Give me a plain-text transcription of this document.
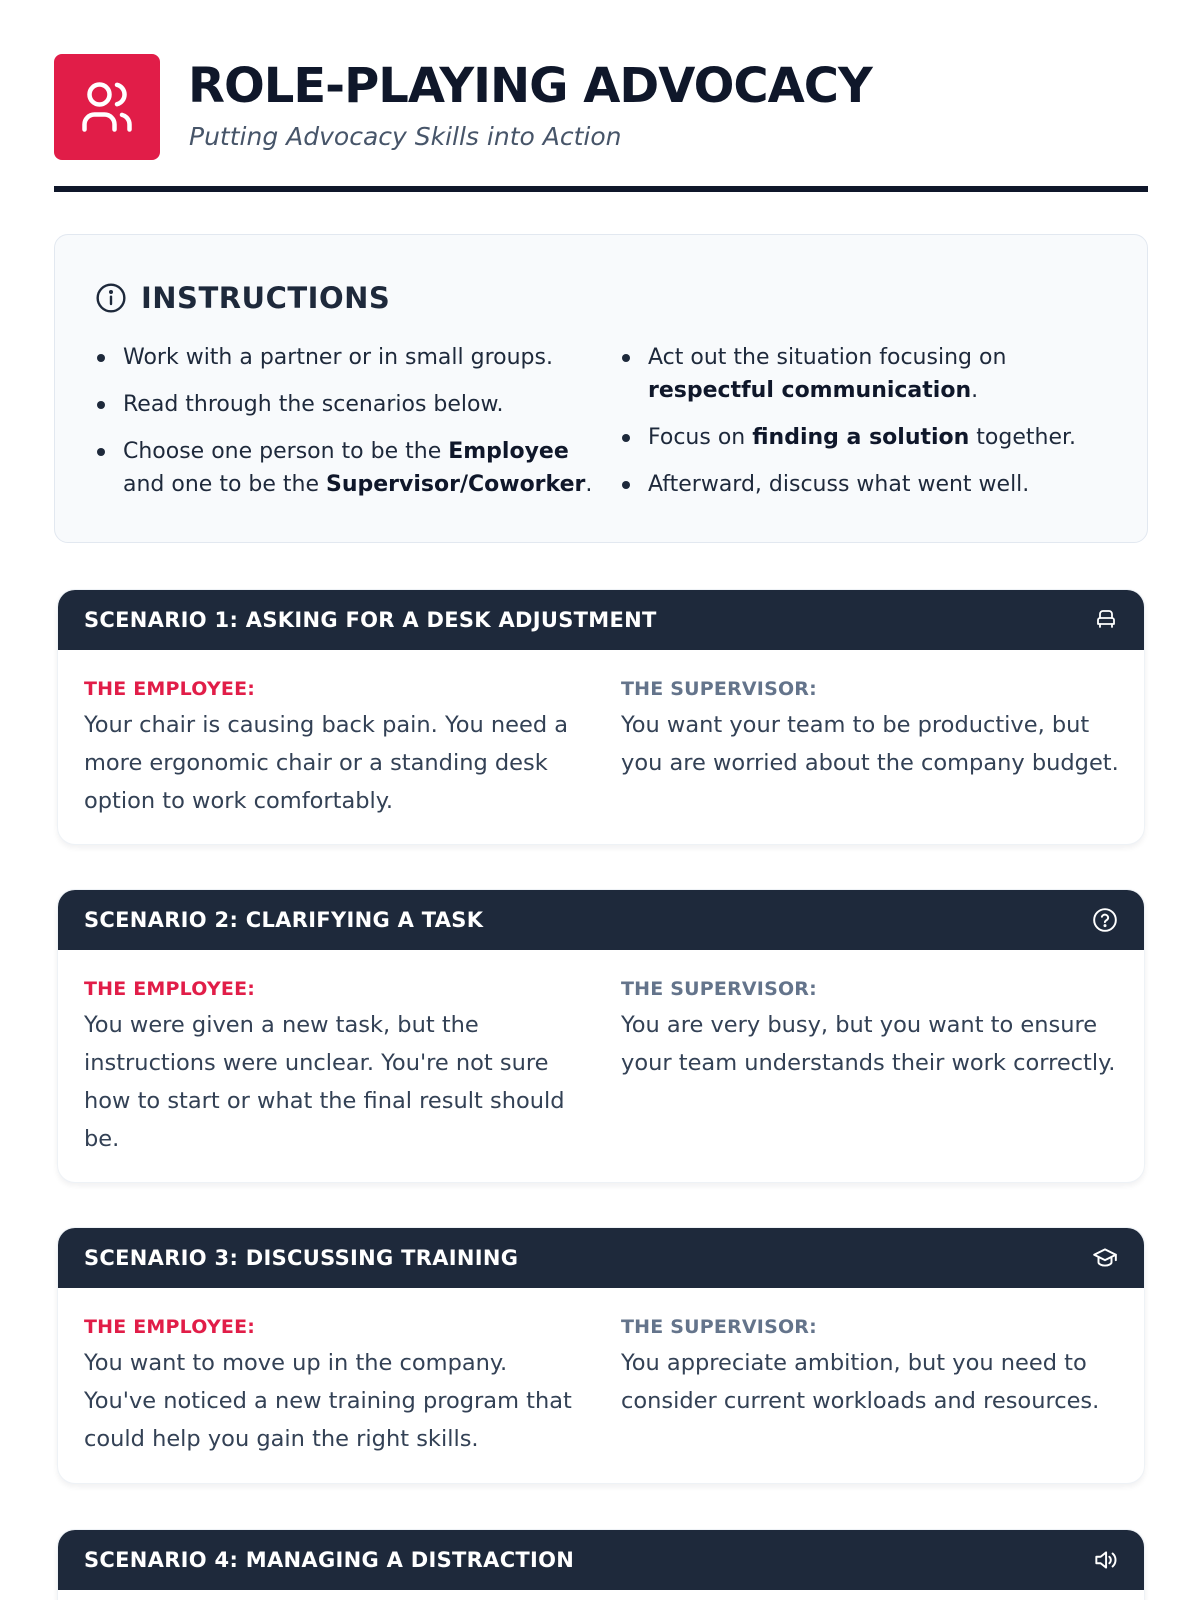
ROLE-PLAYING ADVOCACY
Putting Advocacy Skills into Action
INSTRUCTIONS
Work with a partner or in small groups.
Read through the scenarios below.
Choose one person to be the Employee and one to be the Supervisor/Coworker.
Act out the situation focusing on respectful communication.
Focus on finding a solution together.
Afterward, discuss what went well.
SCENARIO 1: ASKING FOR A DESK ADJUSTMENT
THE EMPLOYEE:
Your chair is causing back pain. You need a more ergonomic chair or a standing desk option to work comfortably.
THE SUPERVISOR:
You want your team to be productive, but you are worried about the company budget.
SCENARIO 2: CLARIFYING A TASK
THE EMPLOYEE:
You were given a new task, but the instructions were unclear. You're not sure how to start or what the final result should be.
THE SUPERVISOR:
You are very busy, but you want to ensure your team understands their work correctly.
SCENARIO 3: DISCUSSING TRAINING
THE EMPLOYEE:
You want to move up in the company. You've noticed a new training program that could help you gain the right skills.
THE SUPERVISOR:
You appreciate ambition, but you need to consider current workloads and resources.
SCENARIO 4: MANAGING A DISTRACTION
